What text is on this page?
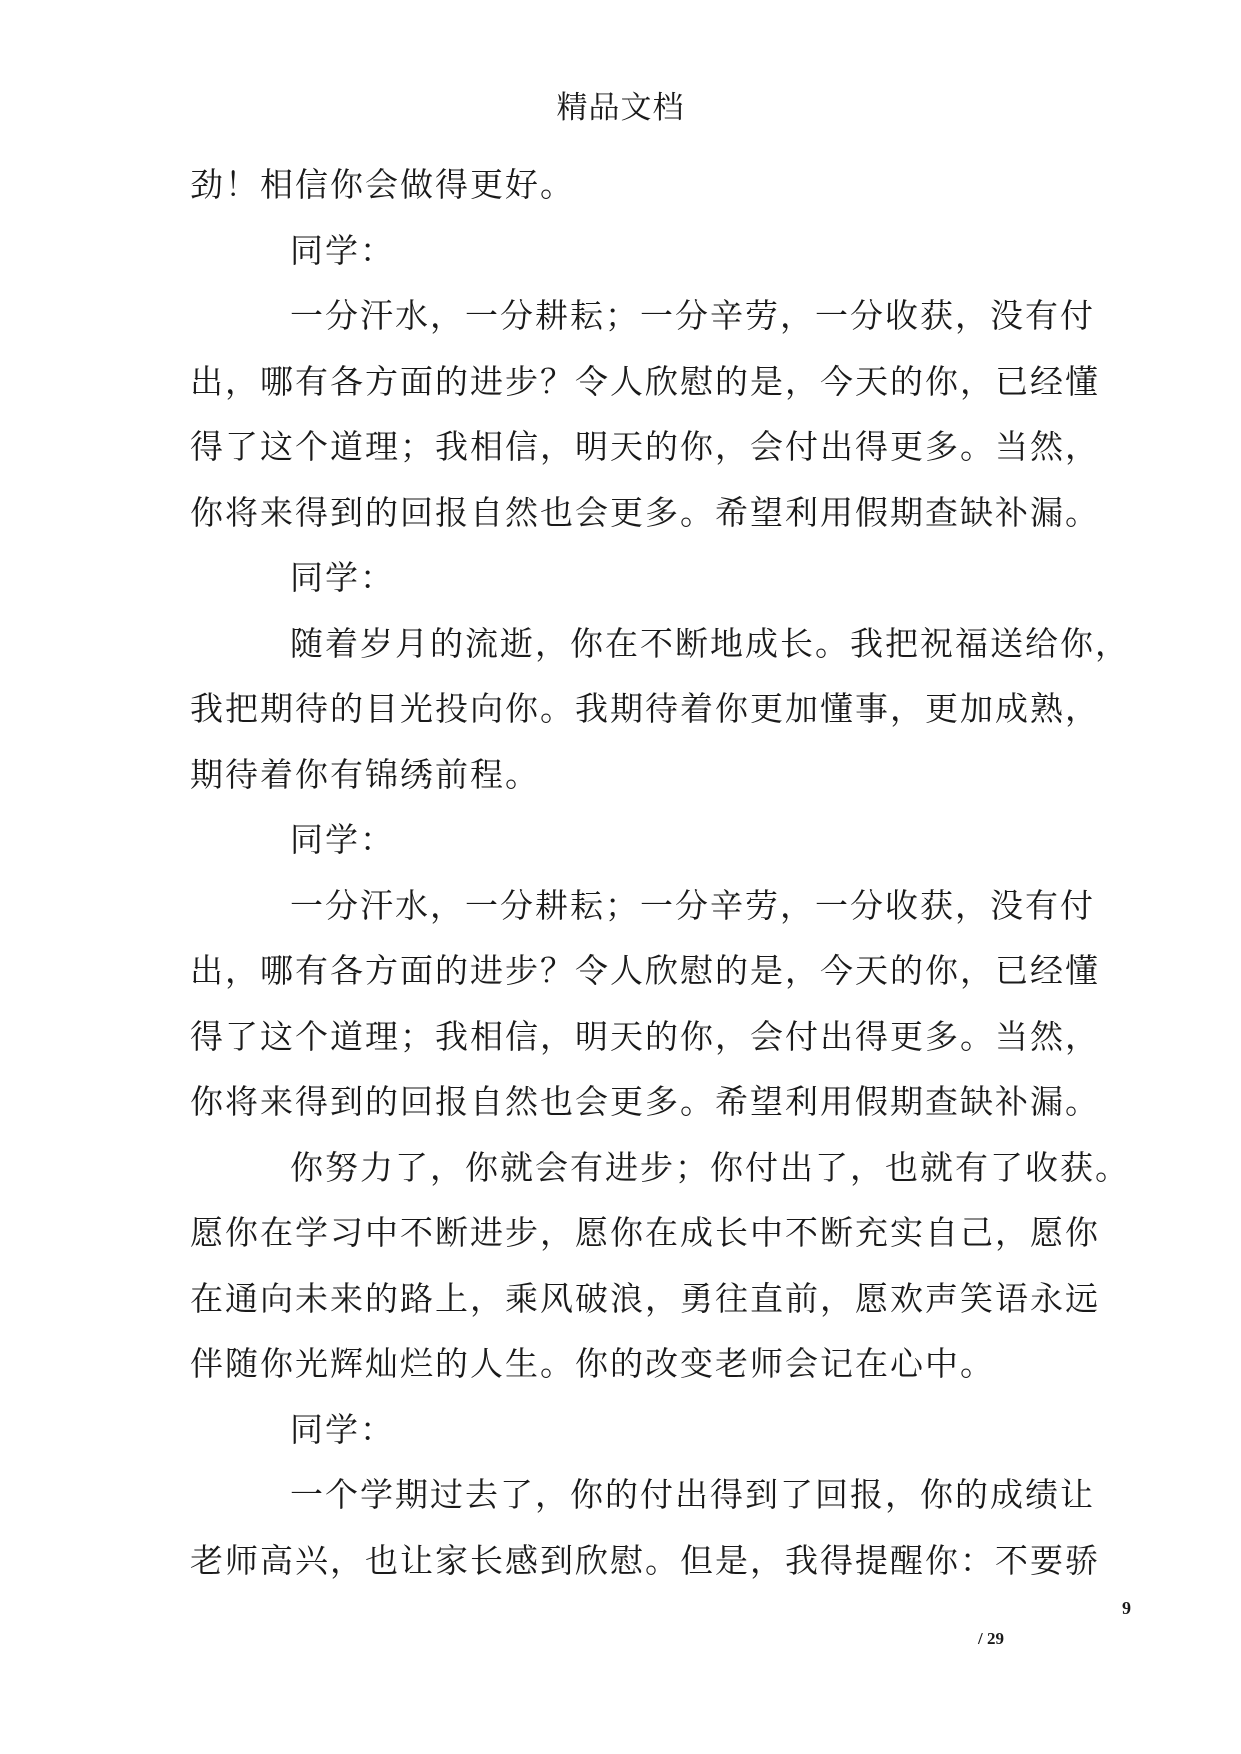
精品文档
劲！相信你会做得更好。
同学：
一分汗水，一分耕耘；一分辛劳，一分收获，没有付
出，哪有各方面的进步？令人欣慰的是，今天的你，已经懂
得了这个道理；我相信，明天的你，会付出得更多。当然，
你将来得到的回报自然也会更多。希望利用假期查缺补漏。
同学：
随着岁月的流逝，你在不断地成长。我把祝福送给你，
我把期待的目光投向你。我期待着你更加懂事，更加成熟，
期待着你有锦绣前程。
同学：
一分汗水，一分耕耘；一分辛劳，一分收获，没有付
出，哪有各方面的进步？令人欣慰的是，今天的你，已经懂
得了这个道理；我相信，明天的你，会付出得更多。当然，
你将来得到的回报自然也会更多。希望利用假期查缺补漏。
你努力了，你就会有进步；你付出了，也就有了收获。
愿你在学习中不断进步，愿你在成长中不断充实自己，愿你
在通向未来的路上，乘风破浪，勇往直前，愿欢声笑语永远
伴随你光辉灿烂的人生。你的改变老师会记在心中。
同学：
一个学期过去了，你的付出得到了回报，你的成绩让
老师高兴，也让家长感到欣慰。但是，我得提醒你：不要骄
9
/ 29
